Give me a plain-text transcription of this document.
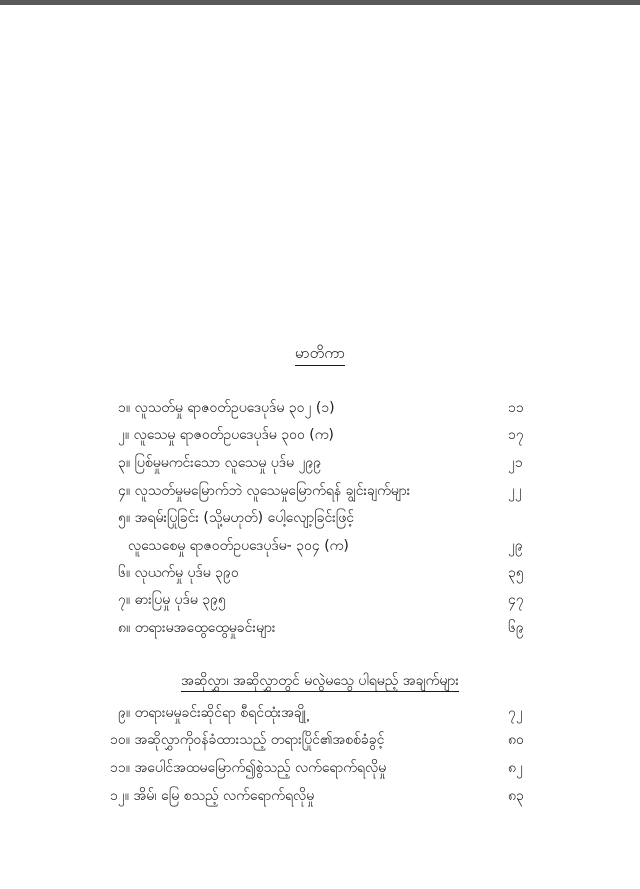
မာတိကာ
၁။ လူသတ်မှု ရာဇဝတ်ဥပဒေပုဒ်မ ၃၀၂ (၁)	၁၁
၂။ လူသေမှု ရာဇဝတ်ဥပဒေပုဒ်မ ၃၀၀ (က)	၁၇
၃။ ပြစ်မှုမကင်းသော လူသေမှု ပုဒ်မ ၂၉၉	၂၁
၄။ လူသတ်မှုမမြောက်ဘဲ လူသေမှုမြောက်ရန် ချွင်းချက်များ	၂၂
၅။ အရမ်းပြုခြင်း (သို့မဟုတ်) ပေါ့လျော့ခြင်းဖြင့်
လူသေစေမှု ရာဇဝတ်ဥပဒေပုဒ်မ- ၃၀၄ (က)	၂၉
၆။ လုယက်မှု ပုဒ်မ ၃၉၀	၃၅
၇။ ဓားပြမှု ပုဒ်မ ၃၉၅	၄၇
၈။ တရားမအထွေထွေမှုခင်းများ	၆၉
အဆိုလွှာ၊ အဆိုလွှာတွင် မလွဲမသွေ ပါရမည့် အချက်များ
၉။ တရားမမှုခင်းဆိုင်ရာ စီရင်ထုံးအချို့	၇၂
၁၀။ အဆိုလွှာကိုဝန်ခံထားသည့် တရားပြိုင်၏အစစ်ခံခွင့်	၈၀
၁၁။ အပေါင်အထမမြောက်၍စွဲသည့် လက်ရောက်ရလိုမှု	၈၂
၁၂။ အိမ်၊ မြေ စသည့် လက်ရောက်ရလိုမှု	၈၃
